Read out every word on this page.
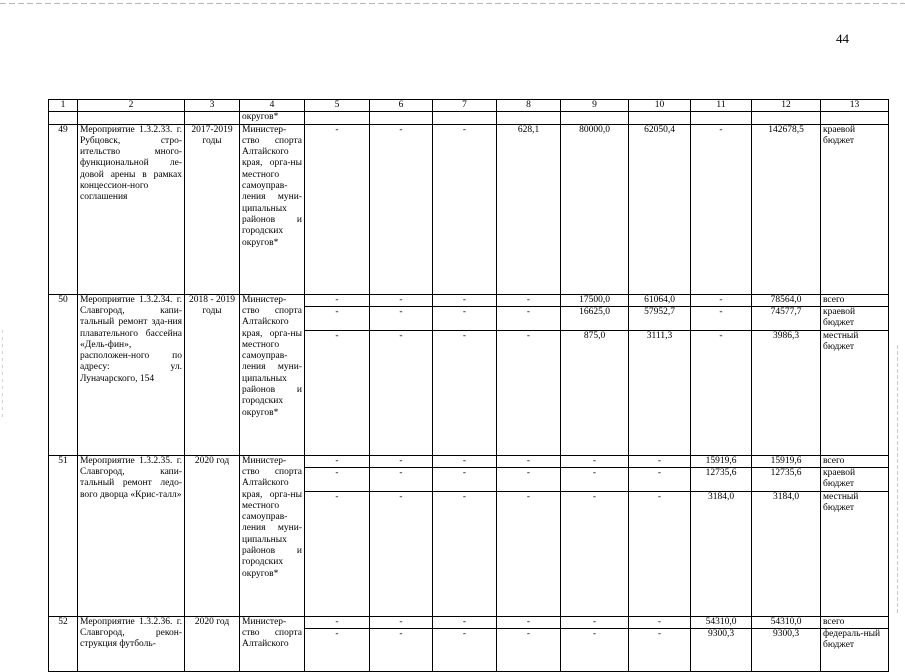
44
1	2	3	4	5	6	7	8	9	10	11	12	13
			округов*									
49	Мероприятие 1.3.2.33. г. Рубцовск, стро-ительство много-функциональной ле-довой арены в рамках концессион-ного соглашения	2017-2019 годы	Министер-ство спорта Алтайского края, орга-ны местного самоуправ-ления муни-ципальных районов и городских округов*	-	-	-	628,1	80000,0	62050,4	-	142678,5	краевой бюджет

50	Мероприятие 1.3.2.34. г. Славгород, капи-тальный ремонт зда-ния плавательного бассейна «Дель-фин», расположен-ного по адресу: ул. Луначарского, 154	2018 - 2019 годы	Министер-ство спорта Алтайского края, орга-ны местного самоуправ-ления муни-ципальных районов и городских округов*	-	-	-	-	17500,0	61064,0	-	78564,0	всего
				-	-	-	-	16625,0	57952,7	-	74577,7	краевой бюджет
				-	-	-	-	875,0	3111,3	-	3986,3	местный бюджет

51	Мероприятие 1.3.2.35. г. Славгород, капи-тальный ремонт ледо-вого дворца «Крис-талл»	2020 год	Министер-ство спорта Алтайского края, орга-ны местного самоуправ-ления муни-ципальных районов и городских округов*	-	-	-	-	-	-	15919,6	15919,6	всего
				-	-	-	-	-	-	12735,6	12735,6	краевой бюджет
				-	-	-	-	-	-	3184,0	3184,0	местный бюджет

52	Мероприятие 1.3.2.36. г. Славгород, рекон-струкция футболь-	2020 год	Министер-ство спорта Алтайского	-	-	-	-	-	-	54310,0	54310,0	всего
				-	-	-	-	-	-	9300,3	9300,3	федераль-ный бюджет
